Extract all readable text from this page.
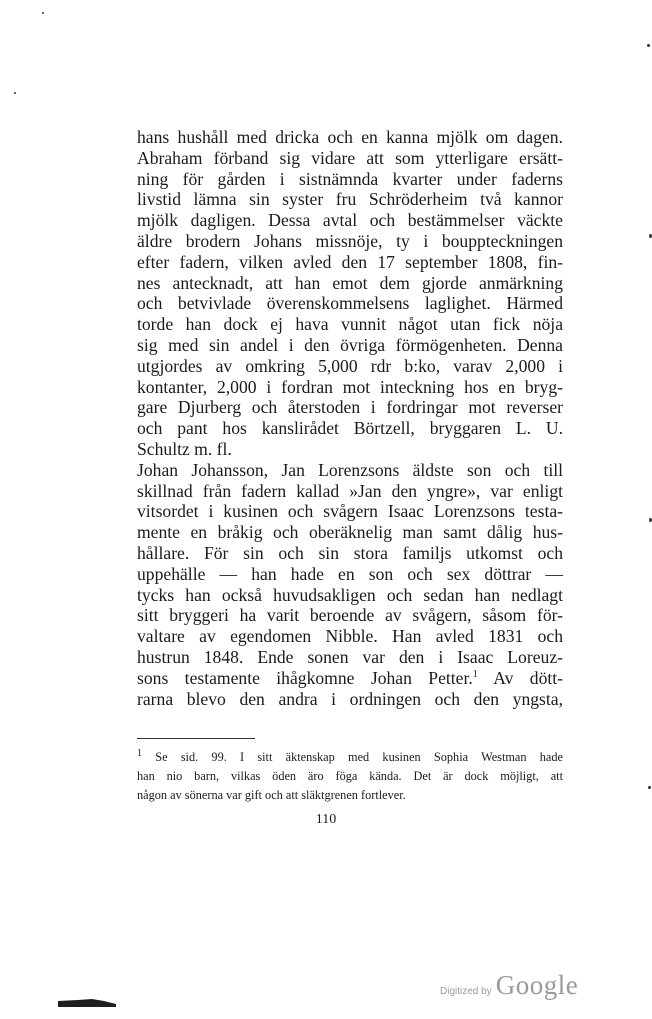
hans hushåll med dricka och en kanna mjölk om dagen.
Abraham förband sig vidare att som ytterligare ersätt-
ning för gården i sistnämnda kvarter under faderns
livstid lämna sin syster fru Schröderheim två kannor
mjölk dagligen. Dessa avtal och bestämmelser väckte
äldre brodern Johans missnöje, ty i bouppteckningen
efter fadern, vilken avled den 17 september 1808, fin-
nes antecknadt, att han emot dem gjorde anmärkning
och betvivlade överenskommelsens laglighet. Härmed
torde han dock ej hava vunnit något utan fick nöja
sig med sin andel i den övriga förmögenheten. Denna
utgjordes av omkring 5,000 rdr b:ko, varav 2,000 i
kontanter, 2,000 i fordran mot inteckning hos en bryg-
gare Djurberg och återstoden i fordringar mot reverser
och pant hos kanslirådet Börtzell, bryggaren L. U.
Schultz m. fl.
Johan Johansson, Jan Lorenzsons äldste son och till
skillnad från fadern kallad »Jan den yngre», var enligt
vitsordet i kusinen och svågern Isaac Lorenzsons testa-
mente en bråkig och oberäknelig man samt dålig hus-
hållare. För sin och sin stora familjs utkomst och
uppehälle — han hade en son och sex döttrar —
tycks han också huvudsakligen och sedan han nedlagt
sitt bryggeri ha varit beroende av svågern, såsom för-
valtare av egendomen Nibble. Han avled 1831 och
hustrun 1848. Ende sonen var den i Isaac Loreuz-
sons testamente ihågkomne Johan Petter.$^1$ Av dött-
rarna blevo den andra i ordningen och den yngsta,
$^1$ Se sid. 99. I sitt äktenskap med kusinen Sophia Westman hade
han nio barn, vilkas öden äro föga kända. Det är dock möjligt, att
någon av sönerna var gift och att släktgrenen fortlever.
110
Digitized by Google
